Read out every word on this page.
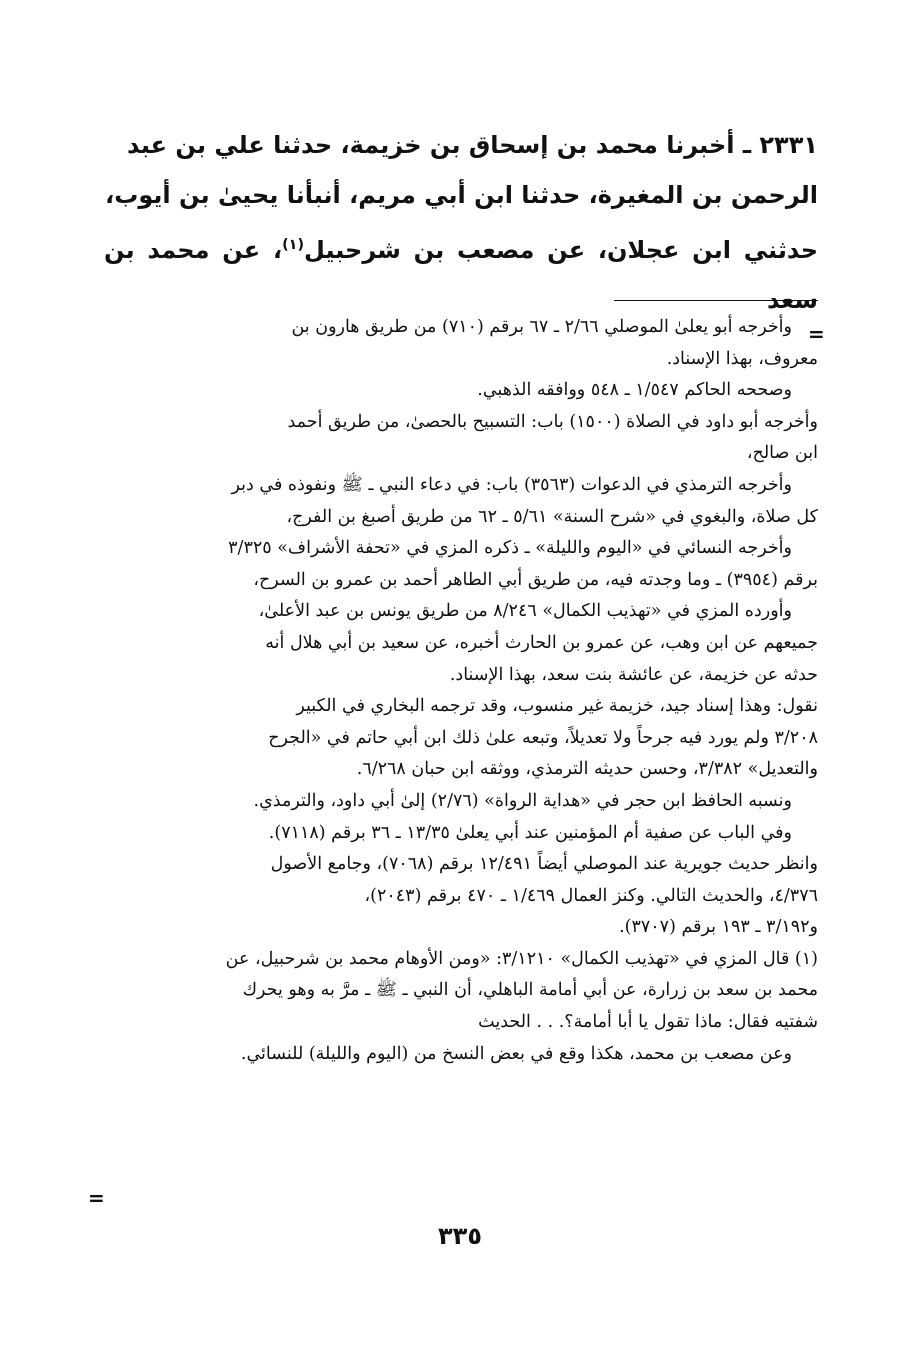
٢٣٣١ ـ أخبرنا محمد بن إسحاق بن خزيمة، حدثنا علي بن عبد

الرحمن بن المغيرة، حدثنا ابن أبي مريم، أنبأنا يحيىٰ بن أيوب،

حدثني ابن عجلان، عن مصعب بن شرحبيل$^{(١)}$، عن محمد بن سعد

=

وأخرجه أبو يعلىٰ الموصلي ٢/٦٦ ـ ٦٧ برقم (٧١٠) من طريق هارون بن

معروف، بهذا الإسناد.

وصححه الحاكم ١/٥٤٧ ـ ٥٤٨ ووافقه الذهبي.

وأخرجه أبو داود في الصلاة (١٥٠٠) باب: التسبيح بالحصىٰ، من طريق أحمد

ابن صالح،

وأخرجه الترمذي في الدعوات (٣٥٦٣) باب: في دعاء النبي ـ ﷺ ونفوذه في دبر

كل صلاة، والبغوي في «شرح السنة» ٥/٦١ ـ ٦٢ من طريق أصبغ بن الفرج،

وأخرجه النسائي في «اليوم والليلة» ـ ذكره المزي في «تحفة الأشراف» ٣/٣٢٥

برقم (٣٩٥٤) ـ وما وجدته فيه، من طريق أبي الطاهر أحمد بن عمرو بن السرح،

وأورده المزي في «تهذيب الكمال» ٨/٢٤٦ من طريق يونس بن عبد الأعلىٰ،

جميعهم عن ابن وهب، عن عمرو بن الحارث أخبره، عن سعيد بن أبي هلال أنه

حدثه عن خزيمة، عن عائشة بنت سعد، بهذا الإسناد.

نقول: وهذا إسناد جيد، خزيمة غير منسوب، وقد ترجمه البخاري في الكبير

٣/٢٠٨ ولم يورد فيه جرحاً ولا تعديلاً، وتبعه علىٰ ذلك ابن أبي حاتم في «الجرح

والتعديل» ٣/٣٨٢، وحسن حديثه الترمذي، ووثقه ابن حبان ٦/٢٦٨.

ونسبه الحافظ ابن حجر في «هداية الرواة» (٢/٧٦) إلىٰ أبي داود، والترمذي.

وفي الباب عن صفية أم المؤمنين عند أبي يعلىٰ ١٣/٣٥ ـ ٣٦ برقم (٧١١٨).

وانظر حديث جويرية عند الموصلي أيضاً ١٢/٤٩١ برقم (٧٠٦٨)، وجامع الأصول

٤/٣٧٦، والحديث التالي. وكنز العمال ١/٤٦٩ ـ ٤٧٠ برقم (٢٠٤٣)،

و٣/١٩٢ ـ ١٩٣ برقم (٣٧٠٧).

(١) قال المزي في «تهذيب الكمال» ٣/١٢١٠: «ومن الأوهام محمد بن شرحبيل، عن

محمد بن سعد بن زرارة، عن أبي أمامة الباهلي، أن النبي ـ ﷺ ـ مرَّ به وهو يحرك

شفتيه فقال: ماذا تقول يا أبا أمامة؟. . . الحديث

وعن مصعب بن محمد، هكذا وقع في بعض النسخ من (اليوم والليلة) للنسائي.

=
٣٣٥
